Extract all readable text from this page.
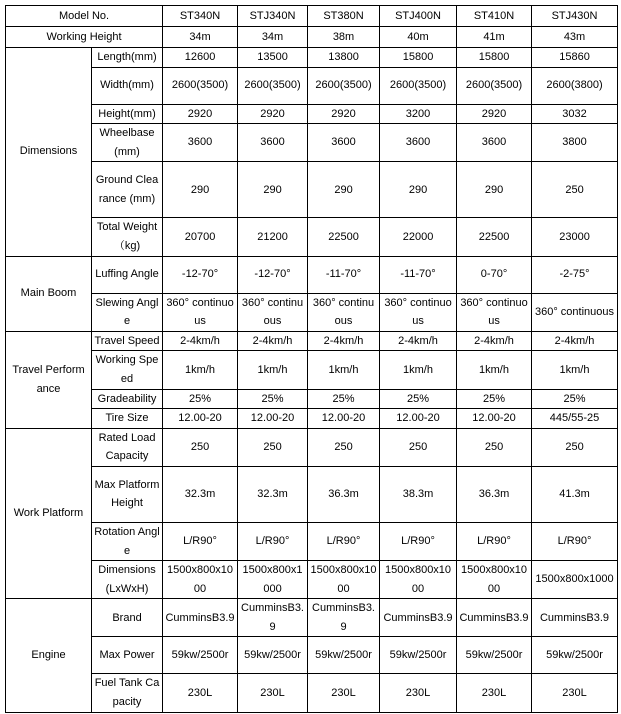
Model No.		ST340N	STJ340N	ST380N	STJ400N	ST410N	STJ430N
Working Height		34m	34m	38m	40m	41m	43m
Dimensions	Length(mm)	12600	13500	13800	15800	15800	15860
	Width(mm)	2600(3500)	2600(3500)	2600(3500)	2600(3500)	2600(3500)	2600(3800)
	Height(mm)	2920	2920	2920	3200	2920	3032
	Wheelbase (mm)	3600	3600	3600	3600	3600	3800
	Ground Clearance (mm)	290	290	290	290	290	250
	Total Weight（kg)	20700	21200	22500	22000	22500	23000
Main Boom	Luffing Angle	-12-70°	-12-70°	-11-70°	-11-70°	0-70°	-2-75°
	Slewing Angle	360° continuous	360° continuous	360° continuous	360° continuous	360° continuous	360° continuous
Travel Performance	Travel Speed	2-4km/h	2-4km/h	2-4km/h	2-4km/h	2-4km/h	2-4km/h
	Working Speed	1km/h	1km/h	1km/h	1km/h	1km/h	1km/h
	Gradeability	25%	25%	25%	25%	25%	25%
	Tire Size	12.00-20	12.00-20	12.00-20	12.00-20	12.00-20	445/55-25
Work Platform	Rated Load Capacity	250	250	250	250	250	250
	Max Platform Height	32.3m	32.3m	36.3m	38.3m	36.3m	41.3m
	Rotation Angle	L/R90°	L/R90°	L/R90°	L/R90°	L/R90°	L/R90°
	Dimensions (LxWxH)	1500x800x1000	1500x800x1000	1500x800x1000	1500x800x1000	1500x800x1000	1500x800x1000
Engine	Brand	CumminsB3.9	CumminsB3.9	CumminsB3.9	CumminsB3.9	CumminsB3.9	CumminsB3.9
	Max Power	59kw/2500r	59kw/2500r	59kw/2500r	59kw/2500r	59kw/2500r	59kw/2500r
	Fuel Tank Capacity	230L	230L	230L	230L	230L	230L
